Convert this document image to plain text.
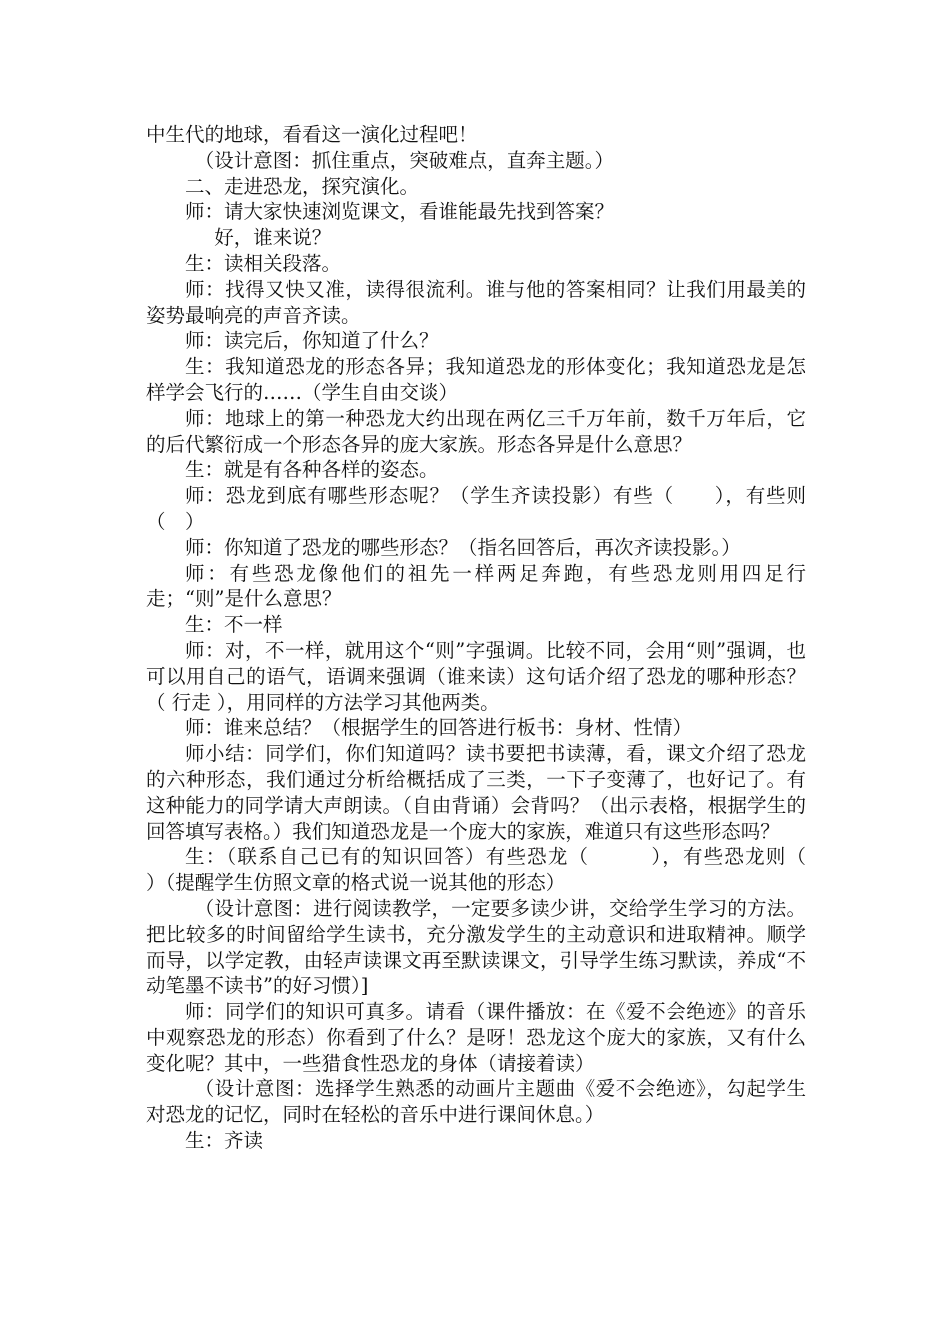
中生代的地球，看看这一演化过程吧！

（设计意图：抓住重点，突破难点，直奔主题。）

二、走进恐龙，探究演化。

师：请大家快速浏览课文，看谁能最先找到答案？

好，谁来说？

生：读相关段落。

师：找得又快又准，读得很流利。谁与他的答案相同？让我们用最美的姿势最响亮的声音齐读。

师：读完后，你知道了什么？

生：我知道恐龙的形态各异；我知道恐龙的形体变化；我知道恐龙是怎样学会飞行的……（学生自由交谈）

师：地球上的第一种恐龙大约出现在两亿三千万年前，数千万年后，它的后代繁衍成一个形态各异的庞大家族。形态各异是什么意思？

生：就是有各种各样的姿态。

师：恐龙到底有哪些形态呢？（学生齐读投影）有些（　　），有些则（　）

师：你知道了恐龙的哪些形态？（指名回答后，再次齐读投影。）

师：有些恐龙像他们的祖先一样两足奔跑，有些恐龙则用四足行走；“则”是什么意思？

生：不一样

师：对，不一样，就用这个“则”字强调。比较不同，会用“则”强调，也可以用自己的语气，语调来强调（谁来读）这句话介绍了恐龙的哪种形态？（ 行走 ），用同样的方法学习其他两类。

师：谁来总结？（根据学生的回答进行板书：身材、性情）

师小结：同学们，你们知道吗？读书要把书读薄，看，课文介绍了恐龙的六种形态，我们通过分析给概括成了三类，一下子变薄了，也好记了。有这种能力的同学请大声朗读。（自由背诵）会背吗？（出示表格，根据学生的回答填写表格。）我们知道恐龙是一个庞大的家族，难道只有这些形态吗？

生：（联系自己已有的知识回答）有些恐龙（　　　），有些恐龙则（　　　）（提醒学生仿照文章的格式说一说其他的形态）

（设计意图：进行阅读教学，一定要多读少讲，交给学生学习的方法。把比较多的时间留给学生读书，充分激发学生的主动意识和进取精神。顺学而导，以学定教，由轻声读课文再至默读课文，引导学生练习默读，养成“不动笔墨不读书”的好习惯）]

师：同学们的知识可真多。请看（课件播放：在《爱不会绝迹》的音乐中观察恐龙的形态）你看到了什么？是呀！恐龙这个庞大的家族，又有什么变化呢？其中，一些猎食性恐龙的身体（请接着读）

（设计意图：选择学生熟悉的动画片主题曲《爱不会绝迹》，勾起学生对恐龙的记忆，同时在轻松的音乐中进行课间休息。）

生：齐读
